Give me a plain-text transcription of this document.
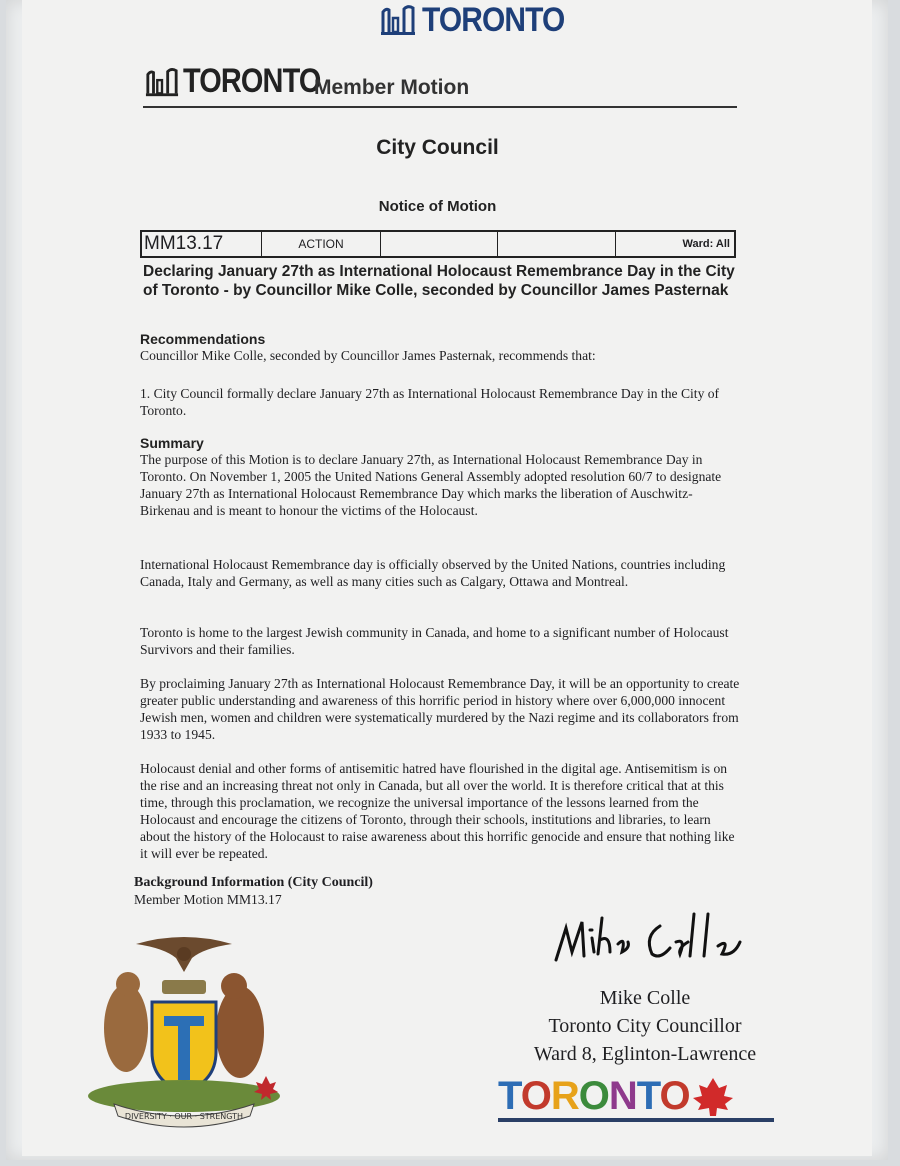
TORONTO
TORONTO
Member Motion
City Council
Notice of Motion
MM13.17	ACTION	Ward: All
Declaring January 27th as International Holocaust Remembrance Day in the City of Toronto - by Councillor Mike Colle, seconded by Councillor James Pasternak
Recommendations
Councillor Mike Colle, seconded by Councillor James Pasternak, recommends that:
1. City Council formally declare January 27th as International Holocaust Remembrance Day in the City of Toronto.
Summary
The purpose of this Motion is to declare January 27th, as International Holocaust Remembrance Day in Toronto. On November 1, 2005 the United Nations General Assembly adopted resolution 60/7 to designate January 27th as International Holocaust Remembrance Day which marks the liberation of Auschwitz-Birkenau and is meant to honour the victims of the Holocaust.
International Holocaust Remembrance day is officially observed by the United Nations, countries including Canada, Italy and Germany, as well as many cities such as Calgary, Ottawa and Montreal.
Toronto is home to the largest Jewish community in Canada, and home to a significant number of Holocaust Survivors and their families.
By proclaiming January 27th as International Holocaust Remembrance Day, it will be an opportunity to create greater public understanding and awareness of this horrific period in history where over 6,000,000 innocent Jewish men, women and children were systematically murdered by the Nazi regime and its collaborators from 1933 to 1945.
Holocaust denial and other forms of antisemitic hatred have flourished in the digital age. Antisemitism is on the rise and an increasing threat not only in Canada, but all over the world. It is therefore critical that at this time, through this proclamation, we recognize the universal importance of the lessons learned from the Holocaust and encourage the citizens of Toronto, through their schools, institutions and libraries, to learn about the history of the Holocaust to raise awareness about this horrific genocide and ensure that nothing like it will ever be repeated.
Background Information (City Council)
Member Motion MM13.17
DIVERSITY · OUR · STRENGTH
Mike Colle
Toronto City Councillor
Ward 8, Eglinton-Lawrence
TORONTO
